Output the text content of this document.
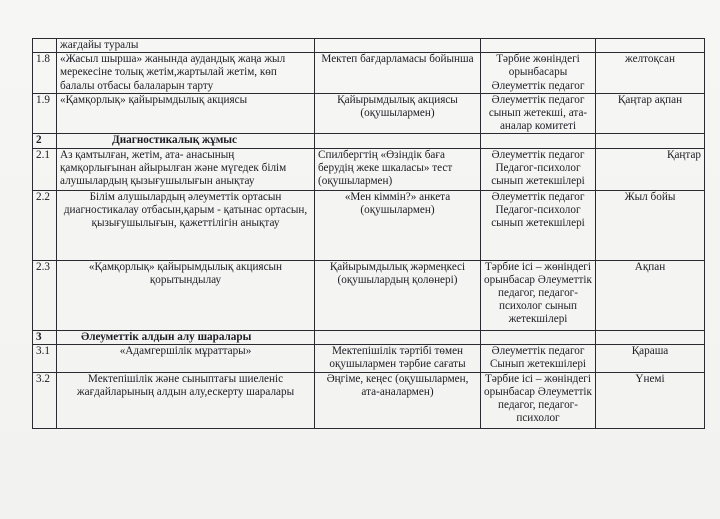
	жағдайы туралы			
1.8	«Жасыл шырша» жанында аудандық жаңа жыл мерекесіне толық жетім,жартылай жетім, көп балалы отбасы балаларын тарту	Мектеп бағдарламасы бойынша	Тәрбие жөніндегі орынбасары Әлеуметтік педагог	желтоқсан
1.9	«Қамқорлық» қайырымдылық акциясы	Қайырымдылық акциясы (оқушылармен)	Әлеуметтік педагог сынып жетекші, ата-аналар комитеті	Қаңтар ақпан
2	Диагностикалық жұмыс			
2.1	Аз қамтылған, жетім, ата- анасының қамқорлығынан айырылған және мүгедек білім алушылардың қызығушылығын анықтау	Спилбергтің «Өзіндік баға берудің жеке шкаласы» тест (оқушылармен)	Әлеуметтік педагог Педагог-психолог сынып жетекшілері	Қаңтар
2.2	Білім алушылардың әлеуметтік ортасын диагностикалау отбасын,қарым - қатынас ортасын, қызығушылығын, қажеттілігін анықтау	«Мен кіммін?» анкета (оқушылармен)	Әлеуметтік педагог Педагог-психолог сынып жетекшілері	Жыл бойы
2.3	«Қамқорлық» қайырымдылық акциясын қорытындылау	Қайырымдылық жәрмеңкесі (оқушылардың қолөнері)	Тәрбие ісі – жөніндегі орынбасар Әлеуметтік педагог, педагог-психолог сынып жетекшілері	Ақпан
3	Әлеуметтік алдын алу шаралары			
3.1	«Адамгершілік мұраттары»	Мектепішілік тәртібі төмен оқушылармен тәрбие сағаты	Әлеуметтік педагог Сынып жетекшілері	Қараша
3.2	Мектепішілік және сыныптағы шиеленіс жағдайларының алдын алу,ескерту шаралары	Әңгіме, кеңес (оқушылармен, ата-аналармен)	Тәрбие ісі – жөніндегі орынбасар Әлеуметтік педагог, педагог-психолог	Үнемі
